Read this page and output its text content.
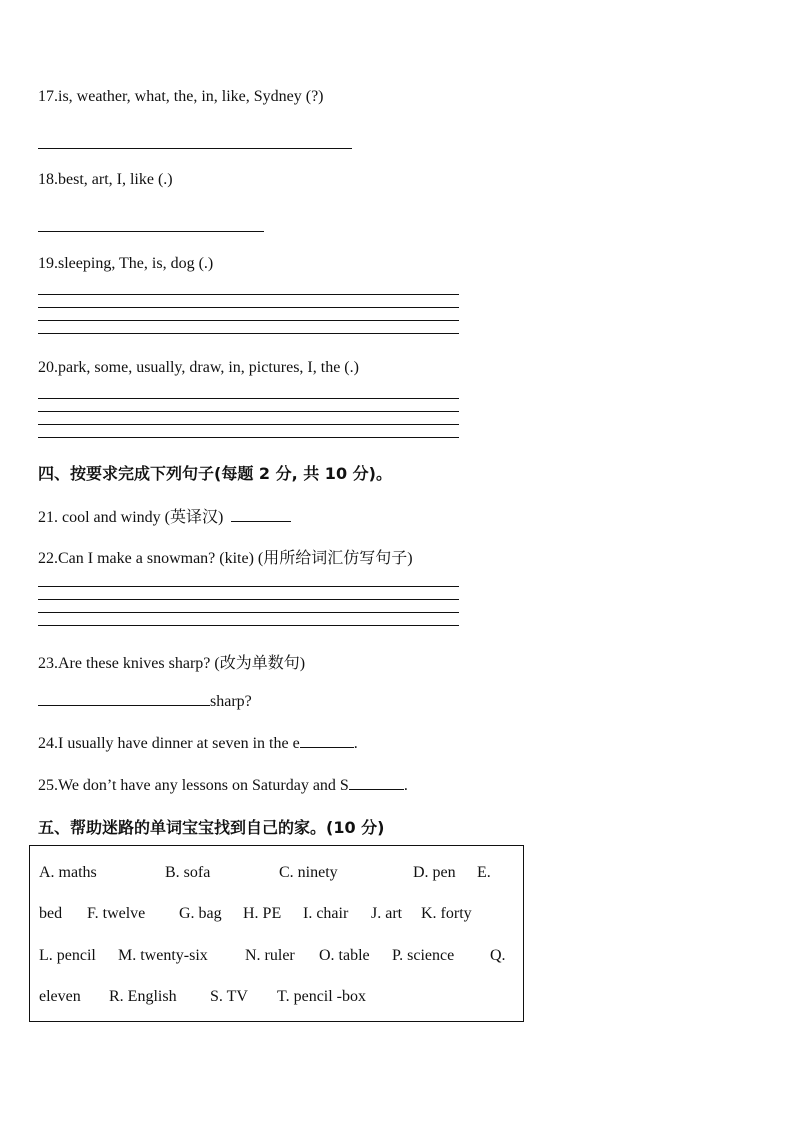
17.is, weather, what, the, in, like, Sydney (?)
18.best, art, I, like (.)
19.sleeping, The, is, dog (.)
20.park, some, usually, draw, in, pictures, I, the (.)
四、按要求完成下列句子(每题 2 分, 共 10 分)。
21. cool and windy (英译汉)
22.Can I make a snowman? (kite) (用所给词汇仿写句子)
23.Are these knives sharp? (改为单数句)
sharp?
24.I usually have dinner at seven in the e	.
25.We don’t have any lessons on Saturday and S	.
五、帮助迷路的单词宝宝找到自己的家。(10 分)
A. maths	B. sofa	C. ninety	D. pen E.
bed F. twelve G. bag H. PE I. chair J. art K. forty
L. pencil M. twenty-six N. ruler O. table P. science Q.
eleven R. English S. TV T. pencil -box
